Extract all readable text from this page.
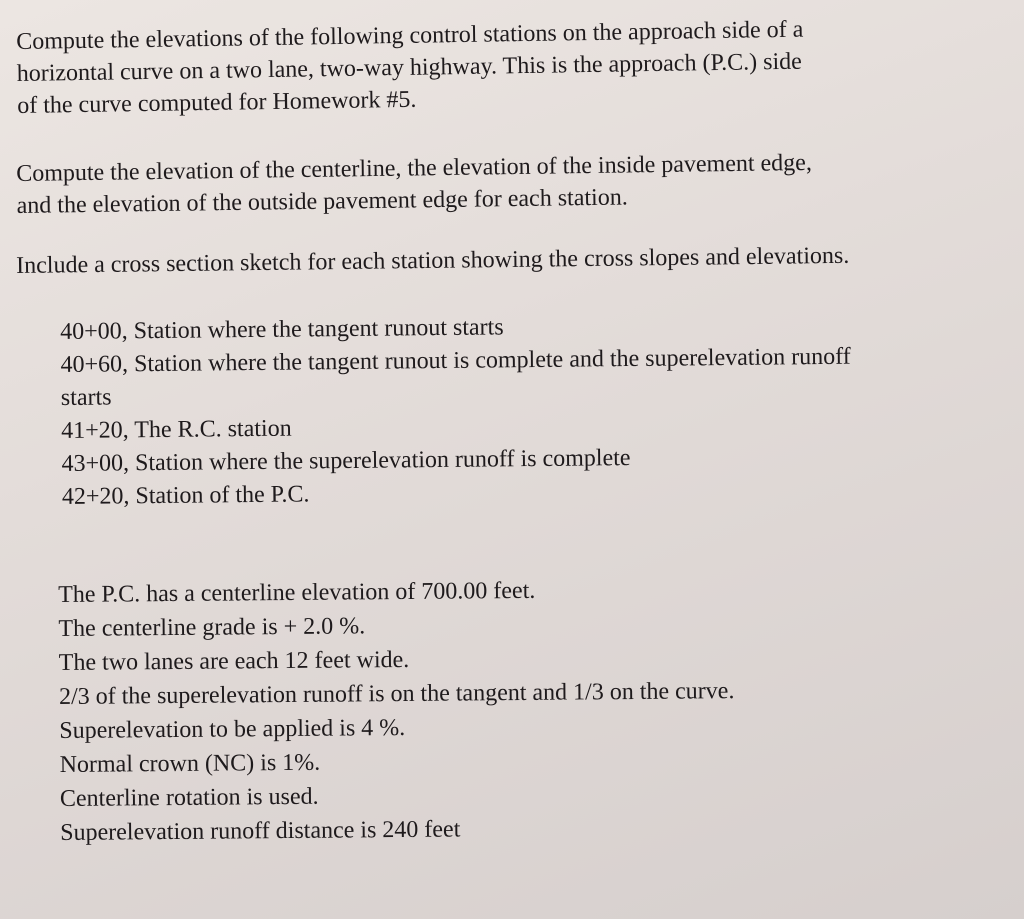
Compute the elevations of the following control stations on the approach side of a
horizontal curve on a two lane, two-way highway. This is the approach (P.C.) side
of the curve computed for Homework #5.

Compute the elevation of the centerline, the elevation of the inside pavement edge,
and the elevation of the outside pavement edge for each station.

Include a cross section sketch for each station showing the cross slopes and elevations.

40+00, Station where the tangent runout starts
40+60, Station where the tangent runout is complete and the superelevation runoff
starts
41+20, The R.C. station
43+00, Station where the superelevation runoff is complete
42+20, Station of the P.C.
The P.C. has a centerline elevation of 700.00 feet.
The centerline grade is + 2.0 %.
The two lanes are each 12 feet wide.
2/3 of the superelevation runoff is on the tangent and 1/3 on the curve.
Superelevation to be applied is 4 %.
Normal crown (NC) is 1%.
Centerline rotation is used.
Superelevation runoff distance is 240 feet
